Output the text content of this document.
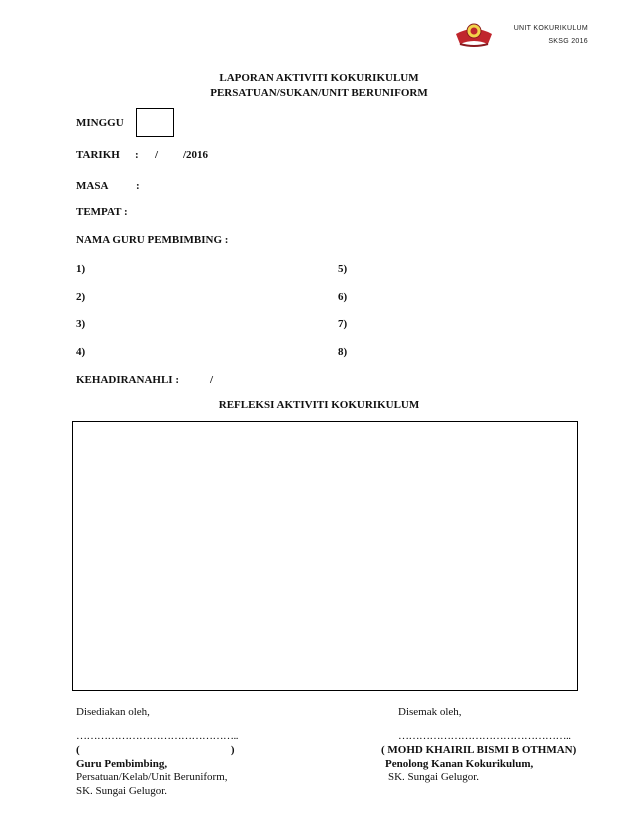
UNIT KOKURIKULUM
SKSG 2016
LAPORAN AKTIVITI KOKURIKULUM
PERSATUAN/SUKAN/UNIT BERUNIFORM
MINGGU
TARIKH : / /2016
MASA	:
TEMPAT :
NAMA GURU PEMBIMBING :
1)	5)
2)	6)
3)	7)
4)	8)
KEHADIRANAHLI :	/
REFLEKSI AKTIVITI KOKURIKULUM
Disediakan oleh,
………………………………………..
(                                                       )
Guru Pembimbing,
Persatuan/Kelab/Unit Beruniform,
SK. Sungai Gelugor.
Disemak oleh,
…………………………………………..
( MOHD KHAIRIL BISMI B OTHMAN)
Penolong Kanan Kokurikulum,
SK. Sungai Gelugor.
